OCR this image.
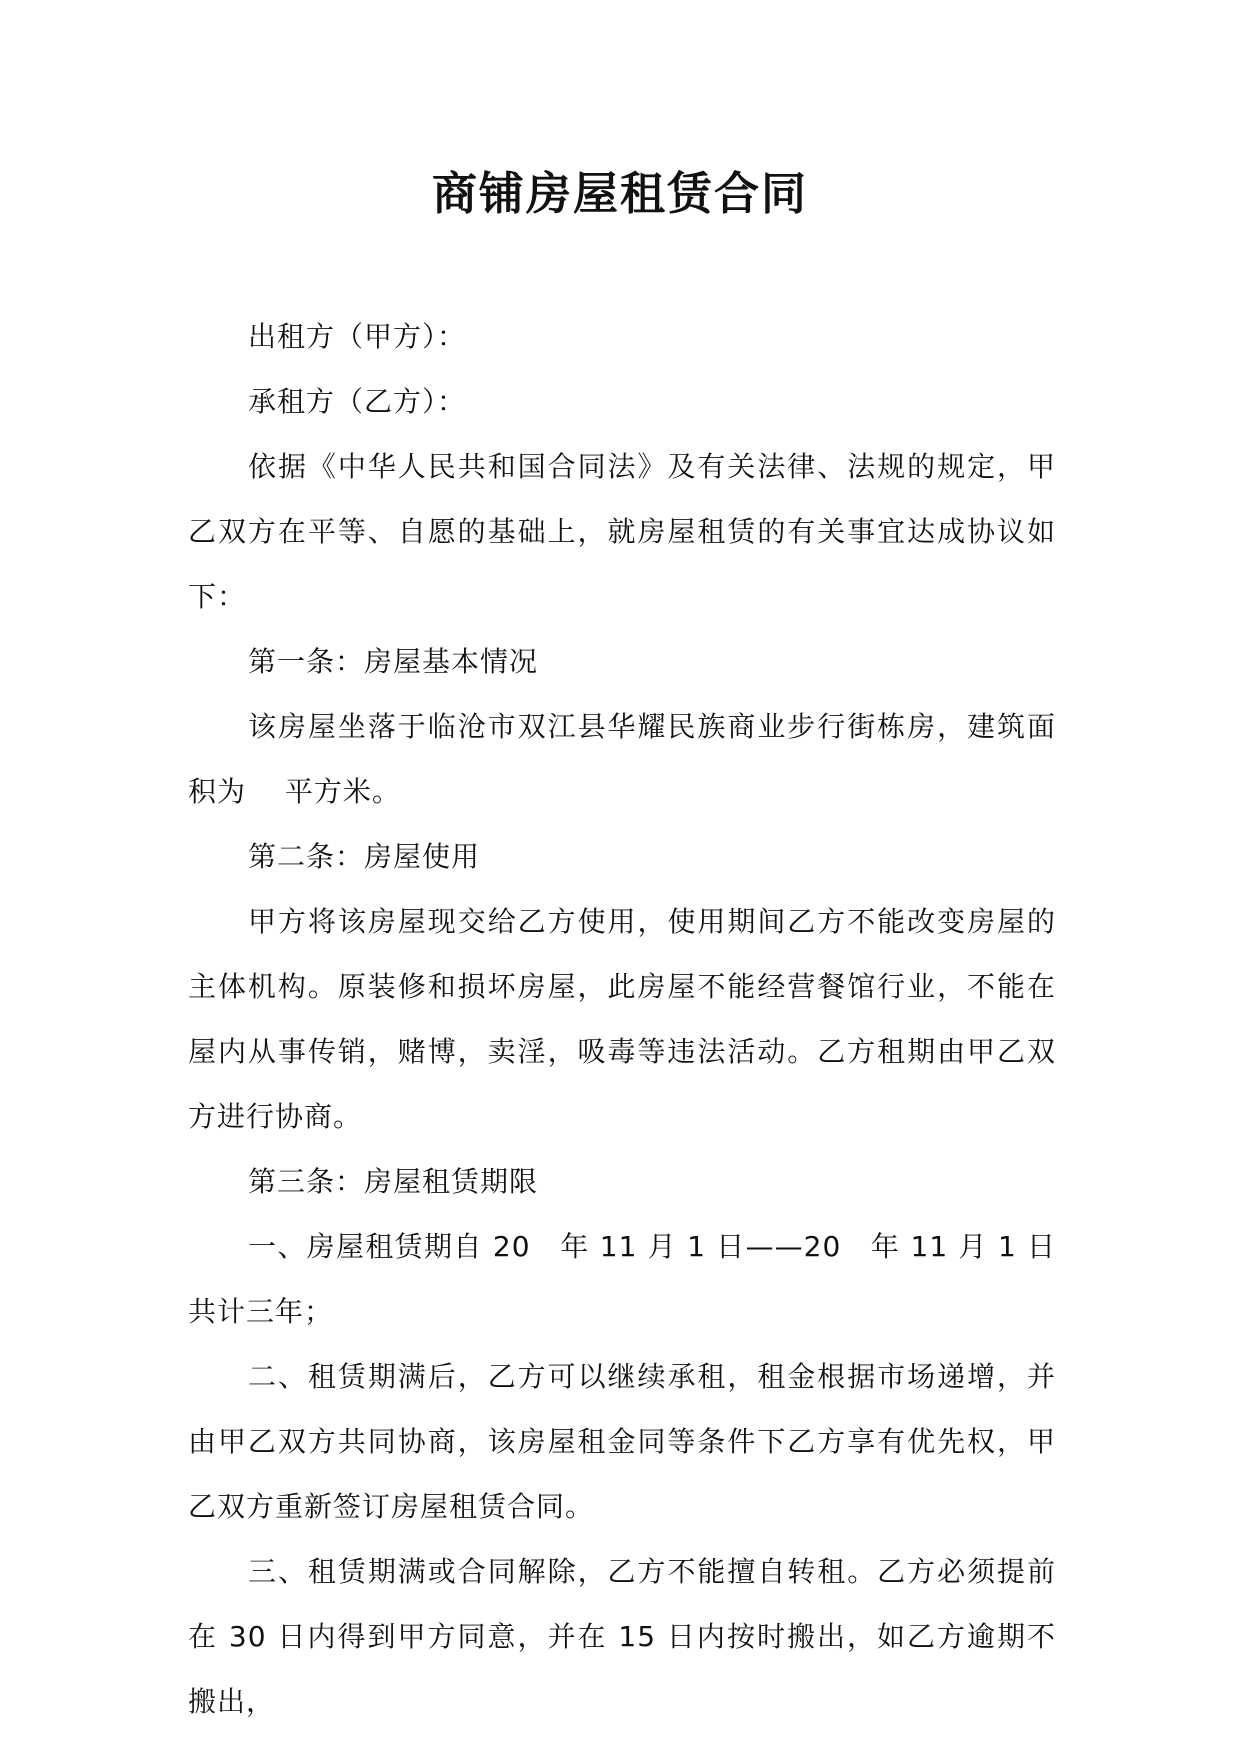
商铺房屋租赁合同

出租方（甲方）：

承租方（乙方）：

依据《中华人民共和国合同法》及有关法律、法规的规定，甲乙双方在平等、自愿的基础上，就房屋租赁的有关事宜达成协议如下：

第一条：房屋基本情况

该房屋坐落于临沧市双江县华耀民族商业步行街栋房，建筑面积为　 平方米。

第二条：房屋使用

甲方将该房屋现交给乙方使用，使用期间乙方不能改变房屋的主体机构。原装修和损坏房屋，此房屋不能经营餐馆行业，不能在屋内从事传销，赌博，卖淫，吸毒等违法活动。乙方租期由甲乙双方进行协商。

第三条：房屋租赁期限

一、房屋租赁期自 20　年 11 月 1 日——20　年 11 月 1 日共计三年；

二、租赁期满后，乙方可以继续承租，租金根据市场递增，并由甲乙双方共同协商，该房屋租金同等条件下乙方享有优先权，甲乙双方重新签订房屋租赁合同。

三、租赁期满或合同解除，乙方不能擅自转租。乙方必须提前在 30 日内得到甲方同意，并在 15 日内按时搬出，如乙方逾期不搬出，
